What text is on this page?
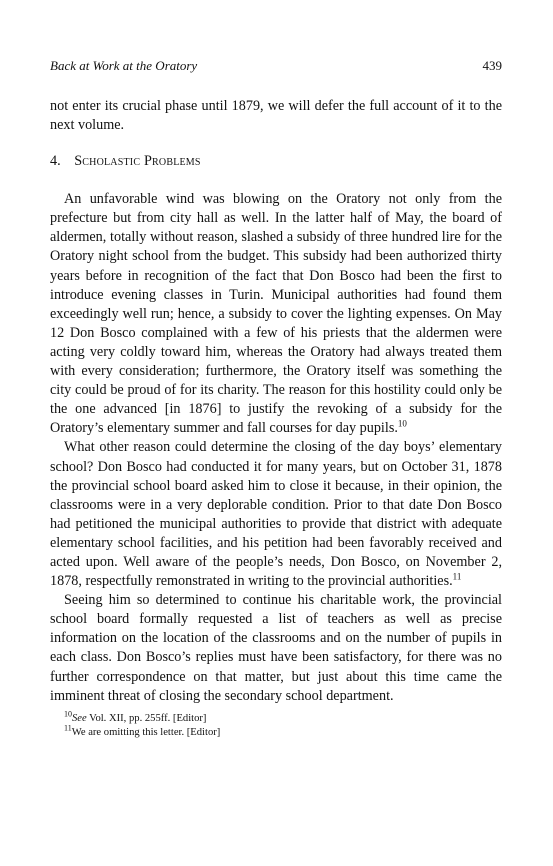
Back at Work at the Oratory	439

not enter its crucial phase until 1879, we will defer the full account of it to the next volume.

4. Scholastic Problems

An unfavorable wind was blowing on the Oratory not only from the prefecture but from city hall as well. In the latter half of May, the board of aldermen, totally without reason, slashed a subsidy of three hundred lire for the Oratory night school from the budget. This subsidy had been authorized thirty years before in recognition of the fact that Don Bosco had been the first to introduce evening classes in Turin. Municipal authorities had found them exceedingly well run; hence, a subsidy to cover the lighting expenses. On May 12 Don Bosco complained with a few of his priests that the aldermen were acting very coldly toward him, whereas the Oratory had always treated them with every consideration; furthermore, the Oratory itself was something the city could be proud of for its charity. The reason for this hostility could only be the one advanced [in 1876] to justify the revoking of a subsidy for the Oratory’s elementary summer and fall courses for day pupils.$^{10}$

What other reason could determine the closing of the day boys’ elementary school? Don Bosco had conducted it for many years, but on October 31, 1878 the provincial school board asked him to close it because, in their opinion, the classrooms were in a very deplorable condition. Prior to that date Don Bosco had petitioned the municipal authorities to provide that district with adequate elementary school facilities, and his petition had been favorably received and acted upon. Well aware of the people’s needs, Don Bosco, on November 2, 1878, respectfully remonstrated in writing to the provincial authorities.$^{11}$

Seeing him so determined to continue his charitable work, the provincial school board formally requested a list of teachers as well as precise information on the location of the classrooms and on the number of pupils in each class. Don Bosco’s replies must have been satisfactory, for there was no further correspondence on that matter, but just about this time came the imminent threat of closing the secondary school department.

$^{10}$See Vol. XII, pp. 255ff. [Editor]
$^{11}$We are omitting this letter. [Editor]
